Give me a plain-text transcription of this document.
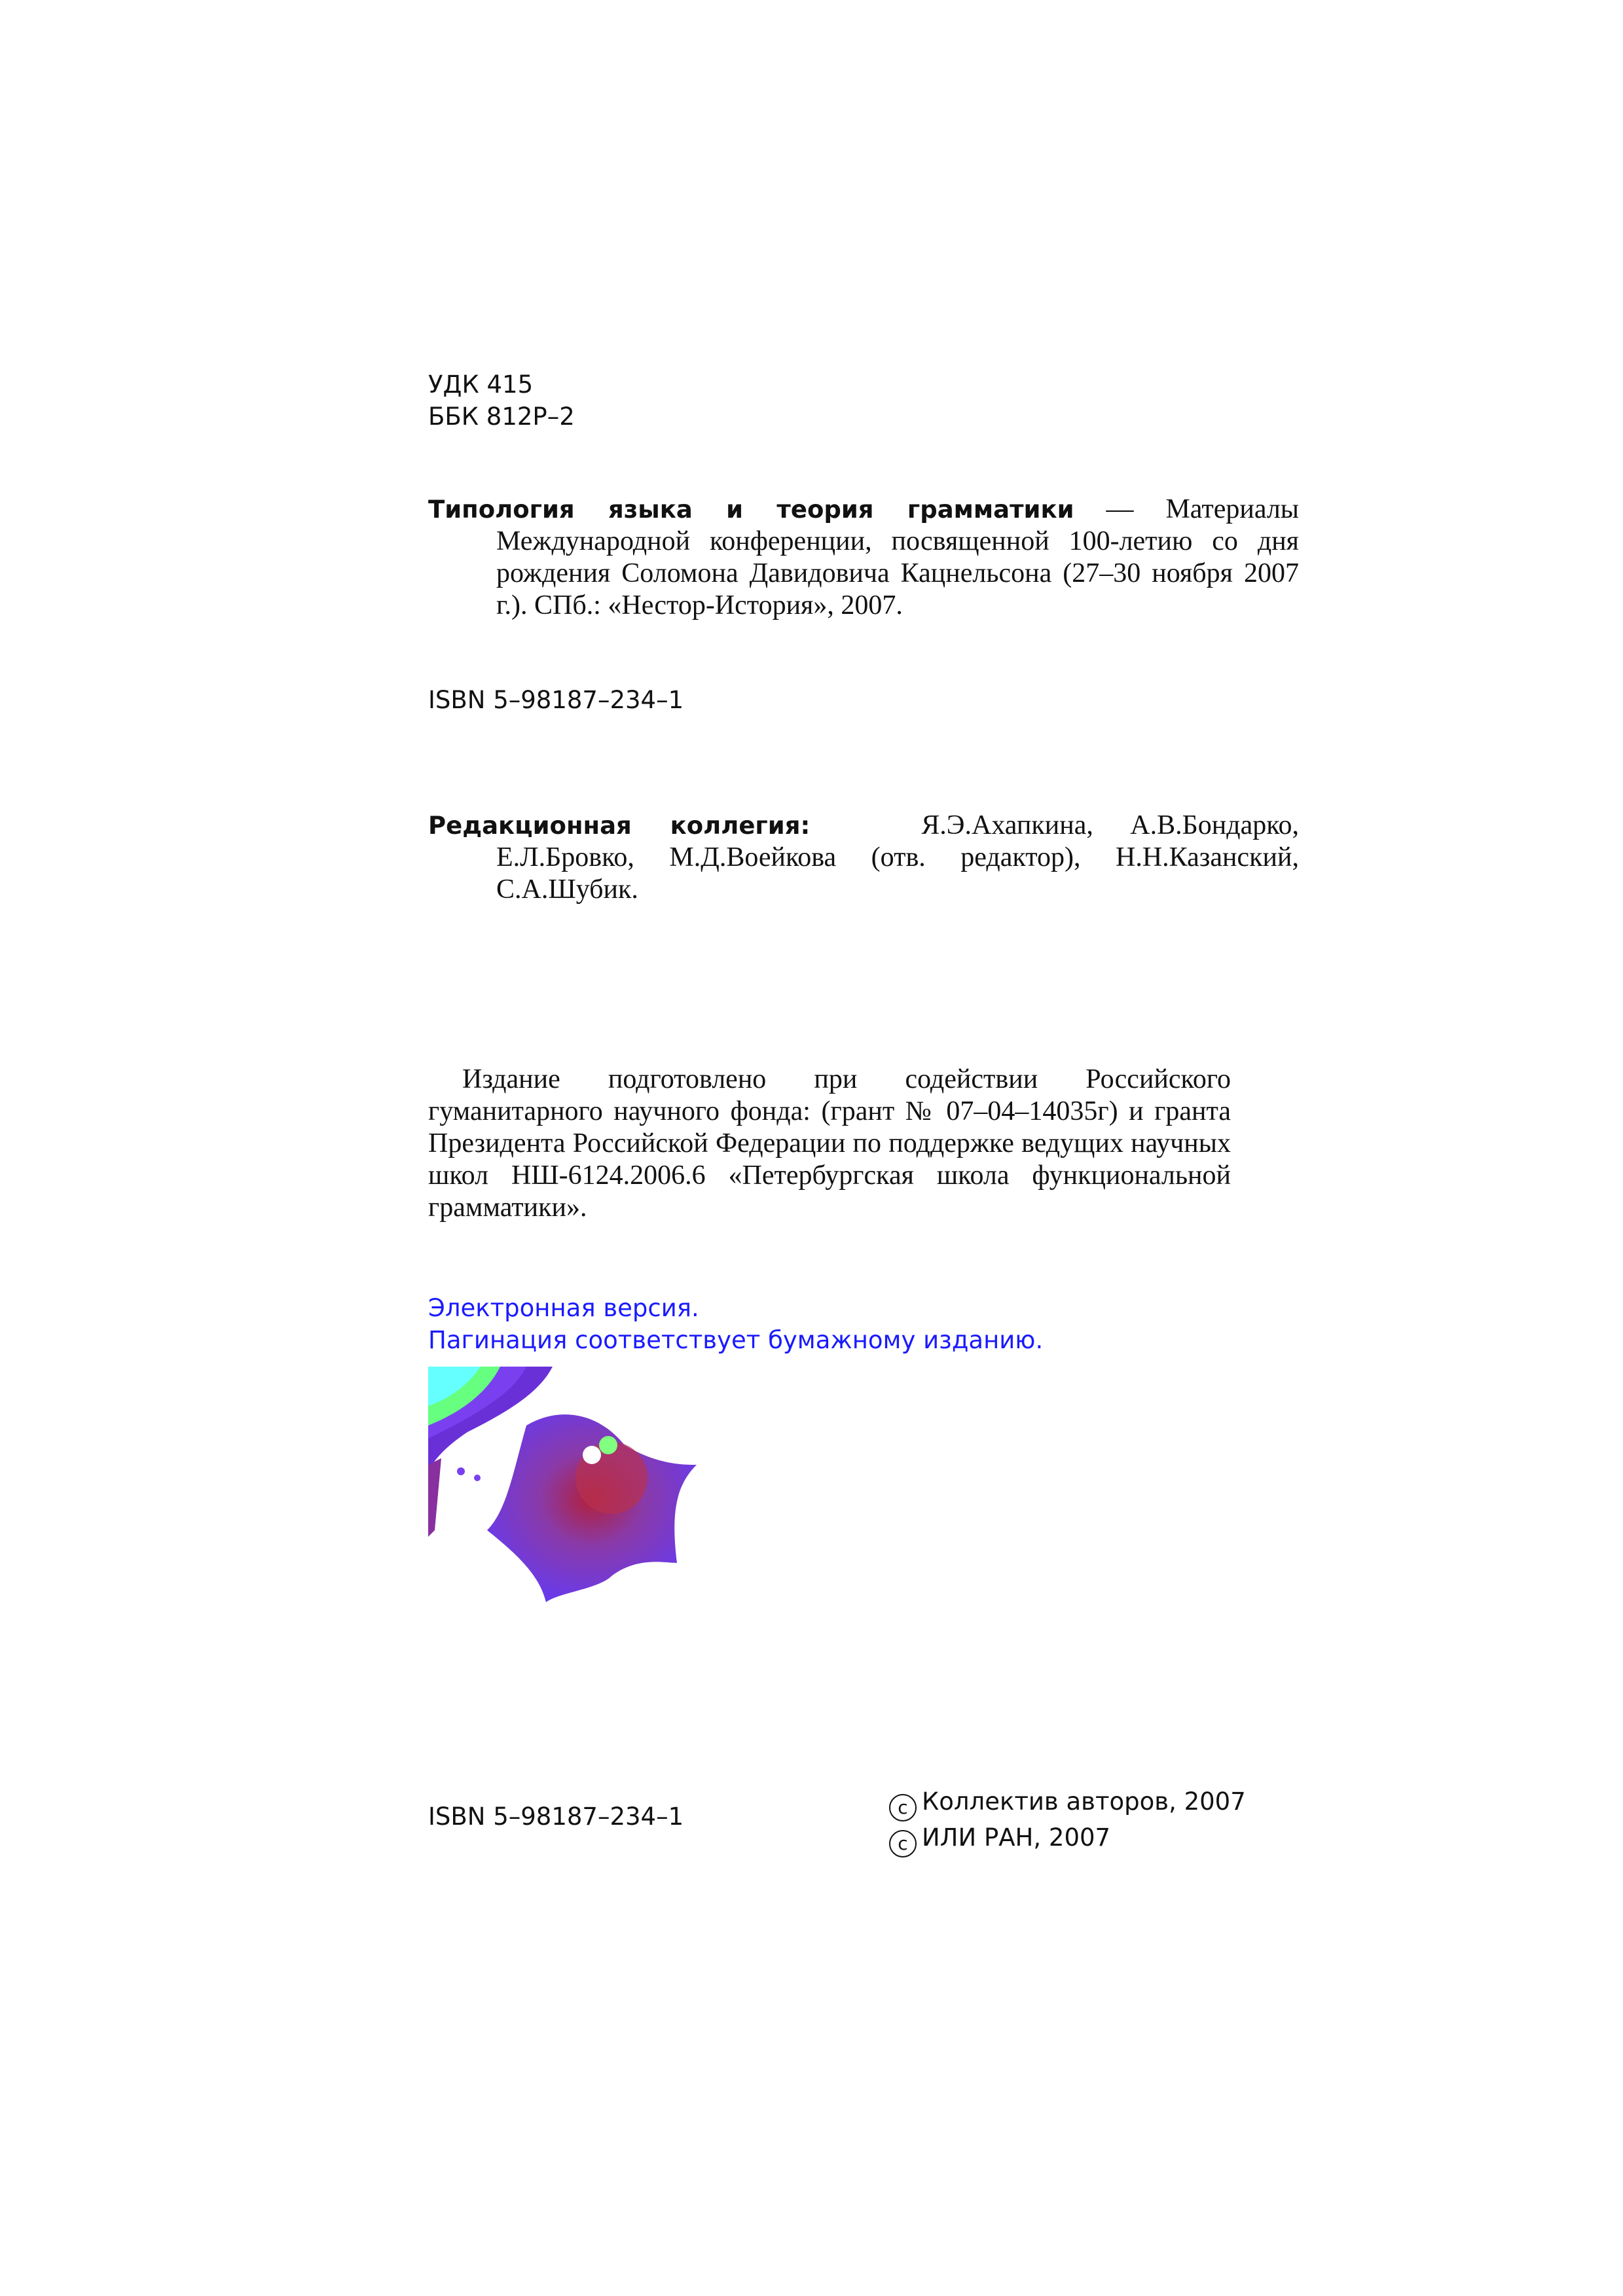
УДК 415
ББК 812Р–2
Типология языка и теория грамматики — Материалы Международной конференции, посвященной 100-летию со дня рождения Соломона Давидовича Кацнельсона (27–30 ноября 2007 г.). СПб.: «Нестор-История», 2007.
ISBN 5–98187–234–1
Редакционная коллегия:	Я.Э.Ахапкина, А.В.Бондарко, Е.Л.Бровко, М.Д.Воейкова (отв. редактор), Н.Н.Казанский, С.А.Шубик.
Издание подготовлено при содействии Российского гуманитарного научного фонда: (грант № 07–04–14035г) и гранта Президента Российской Федерации по поддержке ведущих научных школ НШ-6124.2006.6 «Петербургская школа функциональной грамматики».
Электронная версия.
Пагинация соответствует бумажному изданию.
ISBN 5–98187–234–1	c Коллектив авторов, 2007
c ИЛИ РАН, 2007
